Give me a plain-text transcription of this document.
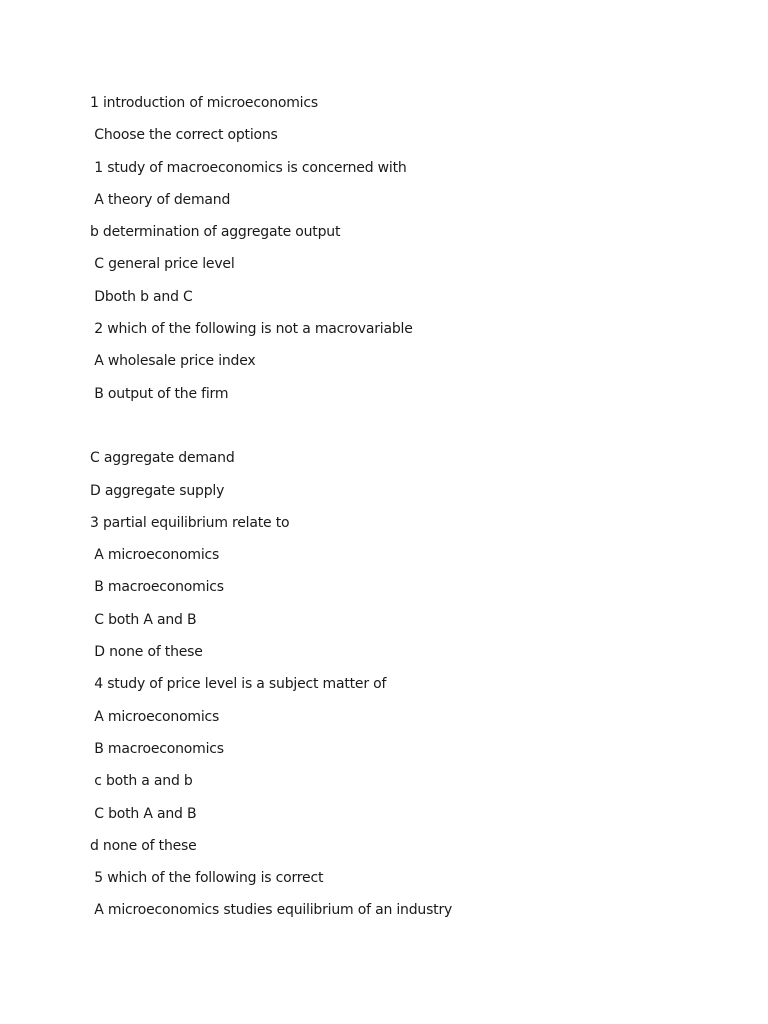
1 introduction of microeconomics
Choose the correct options
1 study of macroeconomics is concerned with
A theory of demand
b determination of aggregate output
C general price level
Dboth b and C
2 which of the following is not a macrovariable
A wholesale price index
B output of the firm
C aggregate demand
D aggregate supply
3 partial equilibrium relate to
A microeconomics
B macroeconomics
C both A and B
D none of these
4 study of price level is a subject matter of
A microeconomics
B macroeconomics
c both a and b
C both A and B
d none of these
5 which of the following is correct
A microeconomics studies equilibrium of an industry
